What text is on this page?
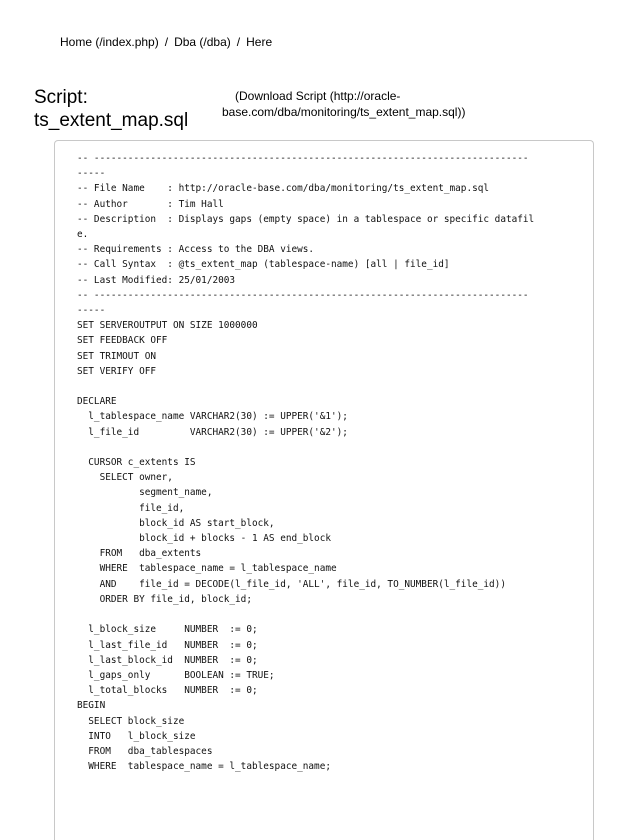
Home (/index.php) / Dba (/dba) / Here
Script:
ts_extent_map.sql
(Download Script (http://oracle-
base.com/dba/monitoring/ts_extent_map.sql))
-- -----------------------------------------------------------------------------
-----
-- File Name    : http://oracle-base.com/dba/monitoring/ts_extent_map.sql
-- Author       : Tim Hall
-- Description  : Displays gaps (empty space) in a tablespace or specific datafil
e.
-- Requirements : Access to the DBA views.
-- Call Syntax  : @ts_extent_map (tablespace-name) [all | file_id]
-- Last Modified: 25/01/2003
-- -----------------------------------------------------------------------------
-----
SET SERVEROUTPUT ON SIZE 1000000
SET FEEDBACK OFF
SET TRIMOUT ON
SET VERIFY OFF

DECLARE
l_tablespace_name VARCHAR2(30) := UPPER('&1');
l_file_id         VARCHAR2(30) := UPPER('&2');

CURSOR c_extents IS
SELECT owner,
segment_name,
file_id,
block_id AS start_block,
block_id + blocks - 1 AS end_block
FROM   dba_extents
WHERE  tablespace_name = l_tablespace_name
AND    file_id = DECODE(l_file_id, 'ALL', file_id, TO_NUMBER(l_file_id))
ORDER BY file_id, block_id;

l_block_size     NUMBER  := 0;
l_last_file_id   NUMBER  := 0;
l_last_block_id  NUMBER  := 0;
l_gaps_only      BOOLEAN := TRUE;
l_total_blocks   NUMBER  := 0;
BEGIN
SELECT block_size
INTO   l_block_size
FROM   dba_tablespaces
WHERE  tablespace_name = l_tablespace_name;
